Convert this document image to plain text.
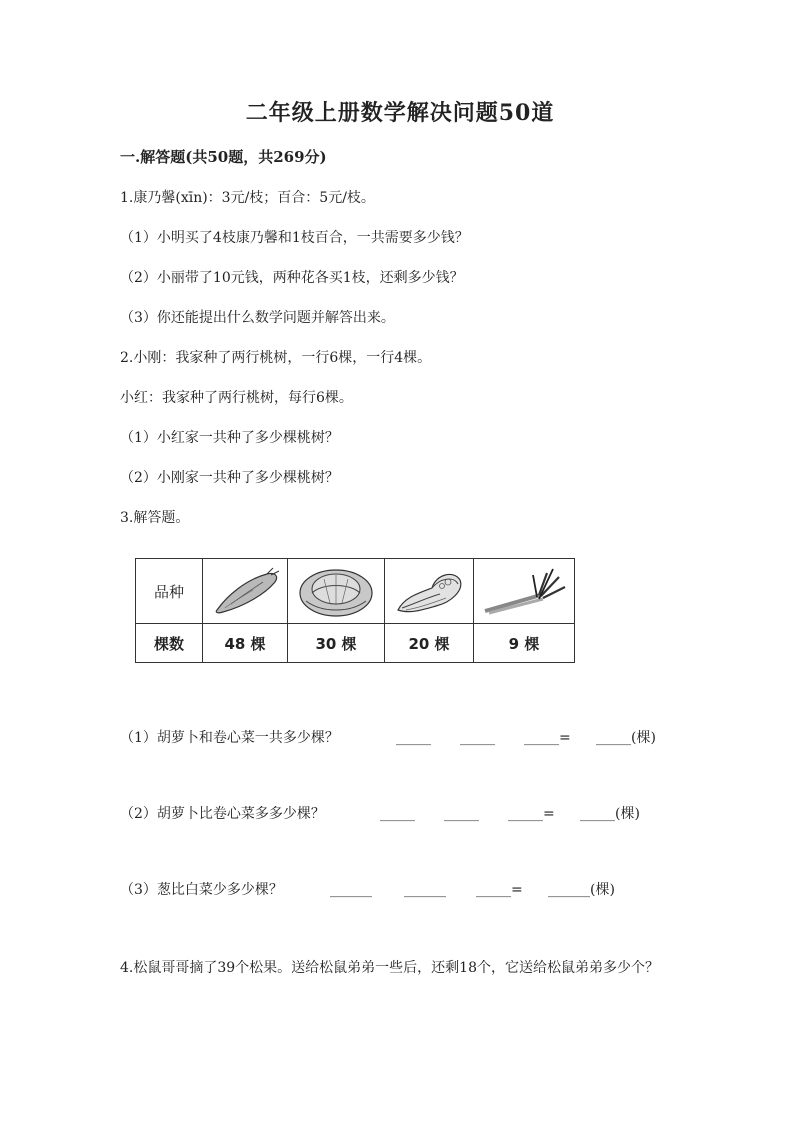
二年级上册数学解决问题50道
一.解答题(共50题，共269分)
1.康乃馨(xīn)：3元/枝；百合：5元/枝。
（1）小明买了4枝康乃馨和1枝百合，一共需要多少钱？
（2）小丽带了10元钱，两种花各买1枝，还剩多少钱？
（3）你还能提出什么数学问题并解答出来。
2.小刚：我家种了两行桃树，一行6棵，一行4棵。
小红：我家种了两行桃树，每行6棵。
（1）小红家一共种了多少棵桃树？
（2）小刚家一共种了多少棵桃树？
3.解答题。
品种	

棵数	48 棵	30 棵	20 棵	9 棵
（1）胡萝卜和卷心菜一共多少棵？	_____ _____ _____= _____(棵)
（2）胡萝卜比卷心菜多多少棵？	_____ _____ _____= _____(棵)
（3）葱比白菜少多少棵？	______ ______ _____= ______(棵)
4.松鼠哥哥摘了39个松果。送给松鼠弟弟一些后，还剩18个，它送给松鼠弟弟多少个？
